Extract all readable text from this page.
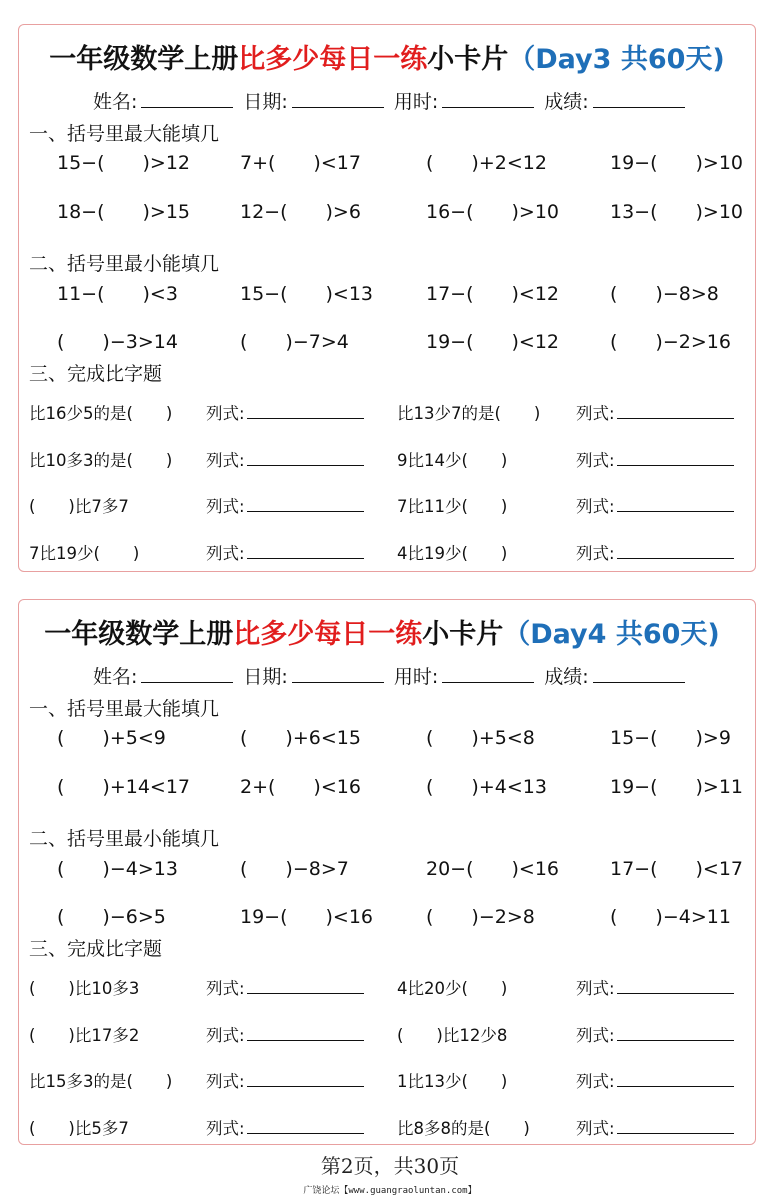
一年级数学上册比多少每日一练小卡片（Day3 共60天)
姓名:	日期:	用时:	成绩:
一、括号里最大能填几
15−(　　)>12	7+(　　)<17	(　　)+2<12	19−(　　)>10
18−(　　)>15	12−(　　)>6	16−(　　)>10	13−(　　)>10
二、括号里最小能填几
11−(　　)<3	15−(　　)<13	17−(　　)<12	(　　)−8>8
(　　)−3>14	(　　)−7>4	19−(　　)<12	(　　)−2>16
三、完成比字题
比16少5的是(　　) 列式:	比13少7的是(　　) 列式:
比10多3的是(　　) 列式:	9比14少(　　)	列式:
(　　)比7多7	列式:	7比11少(　　)	列式:
7比19少(　　)	列式:	4比19少(　　)	列式:
一年级数学上册比多少每日一练小卡片（Day4 共60天)
姓名:	日期:	用时:	成绩:
一、括号里最大能填几
(　　)+5<9	(　　)+6<15	(　　)+5<8	15−(　　)>9
(　　)+14<17	2+(　　)<16	(　　)+4<13	19−(　　)>11
二、括号里最小能填几
(　　)−4>13	(　　)−8>7	20−(　　)<16	17−(　　)<17
(　　)−6>5	19−(　　)<16	(　　)−2>8	(　　)−4>11
三、完成比字题
(　　)比10多3	列式:	4比20少(　　)	列式:
(　　)比17多2	列式:	(　　)比12少8	列式:
比15多3的是(　　) 列式:	1比13少(　　)	列式:
(　　)比5多7	列式:	比8多8的是(　　)	列式:
第2页，共30页
广饶论坛【www.guangraoluntan.com】
